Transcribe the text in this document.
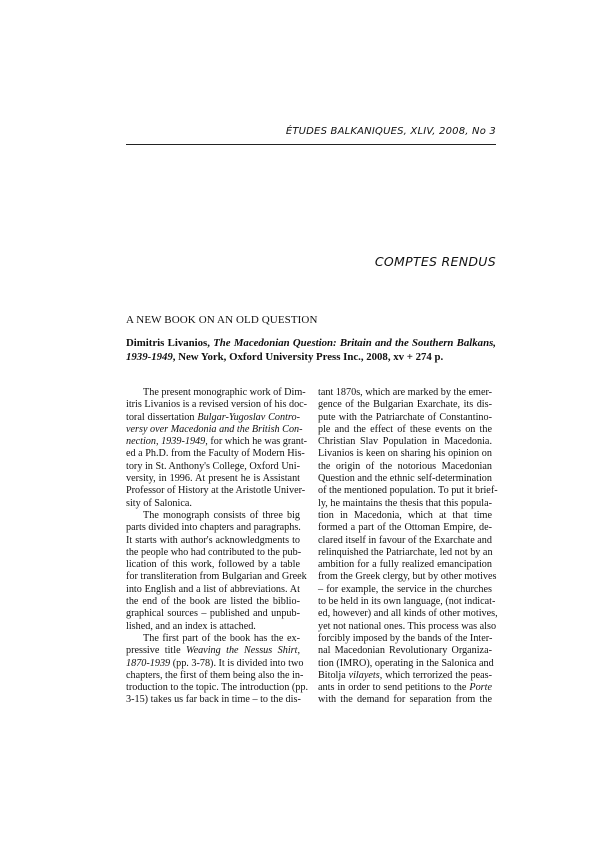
ÉTUDES BALKANIQUES, XLIV, 2008, No 3
COMPTES RENDUS
A NEW BOOK ON AN OLD QUESTION
Dimitris Livanios, The Macedonian Question: Britain and the Southern Balkans, 1939-1949, New York, Oxford University Press Inc., 2008, xv + 274 p.
The present monographic work of Dim-
itris Livanios is a revised version of his doc-
toral dissertation Bulgar-Yugoslav Contro-
versy over Macedonia and the British Con-
nection, 1939-1949, for which he was grant-
ed a Ph.D. from the Faculty of Modern His-
tory in St. Anthony's College, Oxford Uni-
versity, in 1996. At present he is Assistant
Professor of History at the Aristotle Univer-
sity of Salonica.
The monograph consists of three big
parts divided into chapters and paragraphs.
It starts with author's acknowledgments to
the people who had contributed to the pub-
lication of this work, followed by a table
for transliteration from Bulgarian and Greek
into English and a list of abbreviations. At
the end of the book are listed the biblio-
graphical sources – published and unpub-
lished, and an index is attached.
The first part of the book has the ex-
pressive title Weaving the Nessus Shirt,
1870-1939 (pp. 3-78). It is divided into two
chapters, the first of them being also the in-
troduction to the topic. The introduction (pp.
3-15) takes us far back in time – to the dis-
tant 1870s, which are marked by the emer-
gence of the Bulgarian Exarchate, its dis-
pute with the Patriarchate of Constantino-
ple and the effect of these events on the
Christian Slav Population in Macedonia.
Livanios is keen on sharing his opinion on
the origin of the notorious Macedonian
Question and the ethnic self-determination
of the mentioned population. To put it brief-
ly, he maintains the thesis that this popula-
tion in Macedonia, which at that time
formed a part of the Ottoman Empire, de-
clared itself in favour of the Exarchate and
relinquished the Patriarchate, led not by an
ambition for a fully realized emancipation
from the Greek clergy, but by other motives
– for example, the service in the churches
to be held in its own language, (not indicat-
ed, however) and all kinds of other motives,
yet not national ones. This process was also
forcibly imposed by the bands of the Inter-
nal Macedonian Revolutionary Organiza-
tion (IMRO), operating in the Salonica and
Bitolja vilayets, which terrorized the peas-
ants in order to send petitions to the Porte
with the demand for separation from the
